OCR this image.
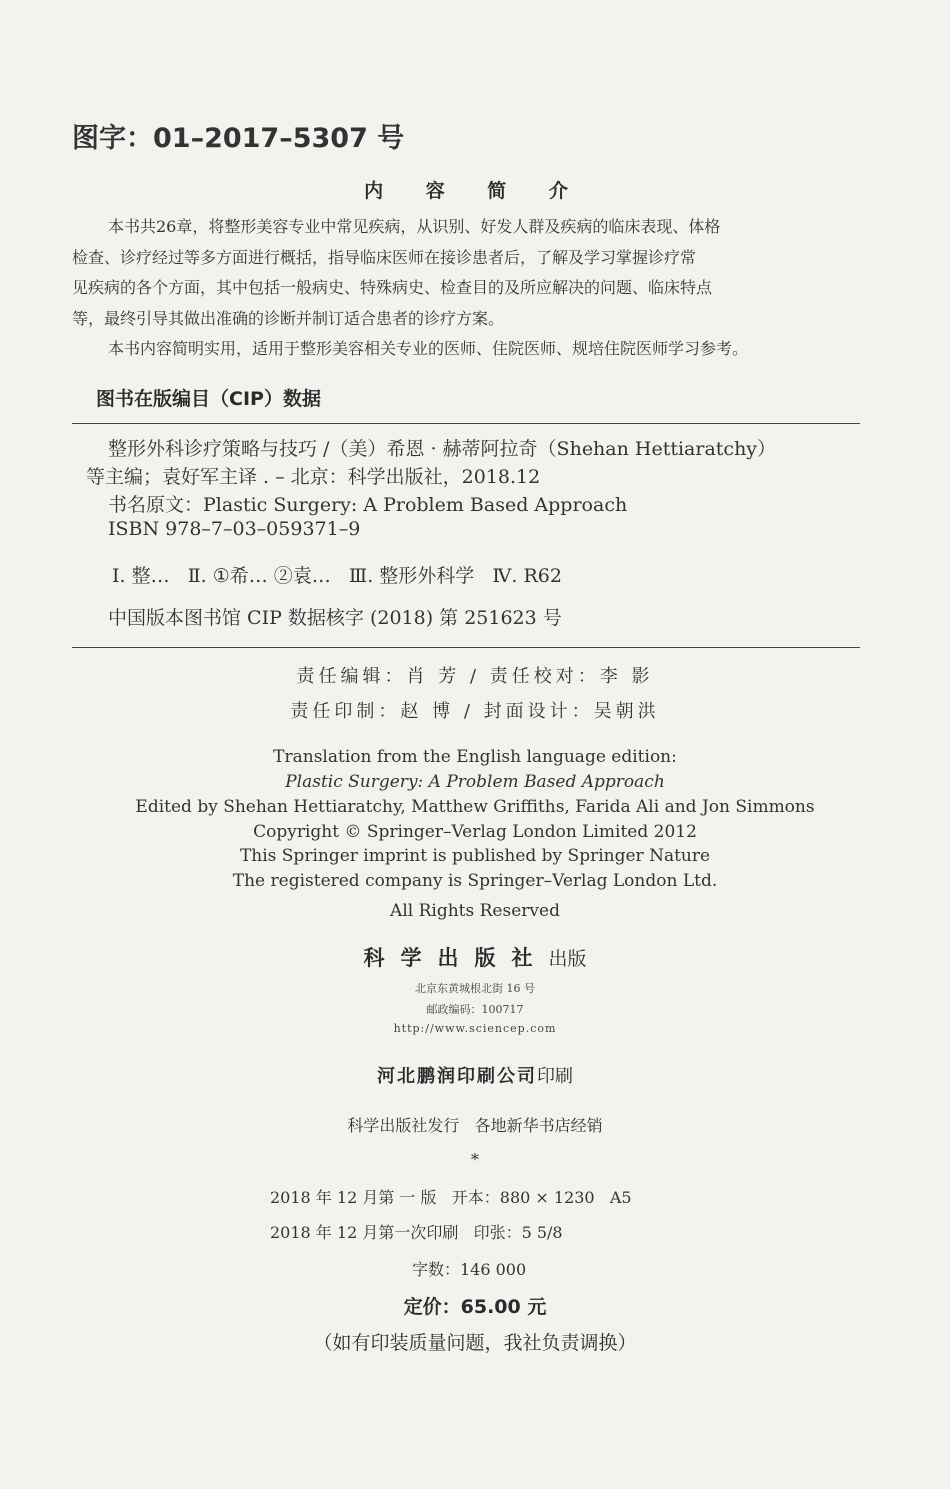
图字：01–2017–5307 号
内 容 简 介
本书共26章，将整形美容专业中常见疾病，从识别、好发人群及疾病的临床表现、体格
检查、诊疗经过等多方面进行概括，指导临床医师在接诊患者后，了解及学习掌握诊疗常
见疾病的各个方面，其中包括一般病史、特殊病史、检查目的及所应解决的问题、临床特点
等，最终引导其做出准确的诊断并制订适合患者的诊疗方案。
本书内容简明实用，适用于整形美容相关专业的医师、住院医师、规培住院医师学习参考。
图书在版编目（CIP）数据
整形外科诊疗策略与技巧 /（美）希恩 · 赫蒂阿拉奇（Shehan Hettiaratchy）
等主编；袁好军主译 . – 北京：科学出版社，2018.12
书名原文：Plastic Surgery: A Problem Based Approach
ISBN 978–7–03–059371–9
Ⅰ. 整…   Ⅱ. ①希… ②袁…   Ⅲ. 整形外科学   Ⅳ. R62
中国版本图书馆 CIP 数据核字 (2018) 第 251623 号
责任编辑：肖 芳 / 责任校对：李 影
责任印制：赵 博 / 封面设计：吴朝洪
Translation from the English language edition:
Plastic Surgery: A Problem Based Approach
Edited by Shehan Hettiaratchy, Matthew Griffiths, Farida Ali and Jon Simmons
Copyright © Springer–Verlag London Limited 2012
This Springer imprint is published by Springer Nature
The registered company is Springer–Verlag London Ltd.
All Rights Reserved
科学出版社出版
北京东黄城根北街 16 号
邮政编码：100717
http://www.sciencep.com
河北鹏润印刷公司印刷
科学出版社发行   各地新华书店经销
*
2018 年 12 月第 一 版   开本：880 × 1230   A5
2018 年 12 月第一次印刷   印张：5 5/8
字数：146 000
定价：65.00 元
（如有印装质量问题，我社负责调换）
